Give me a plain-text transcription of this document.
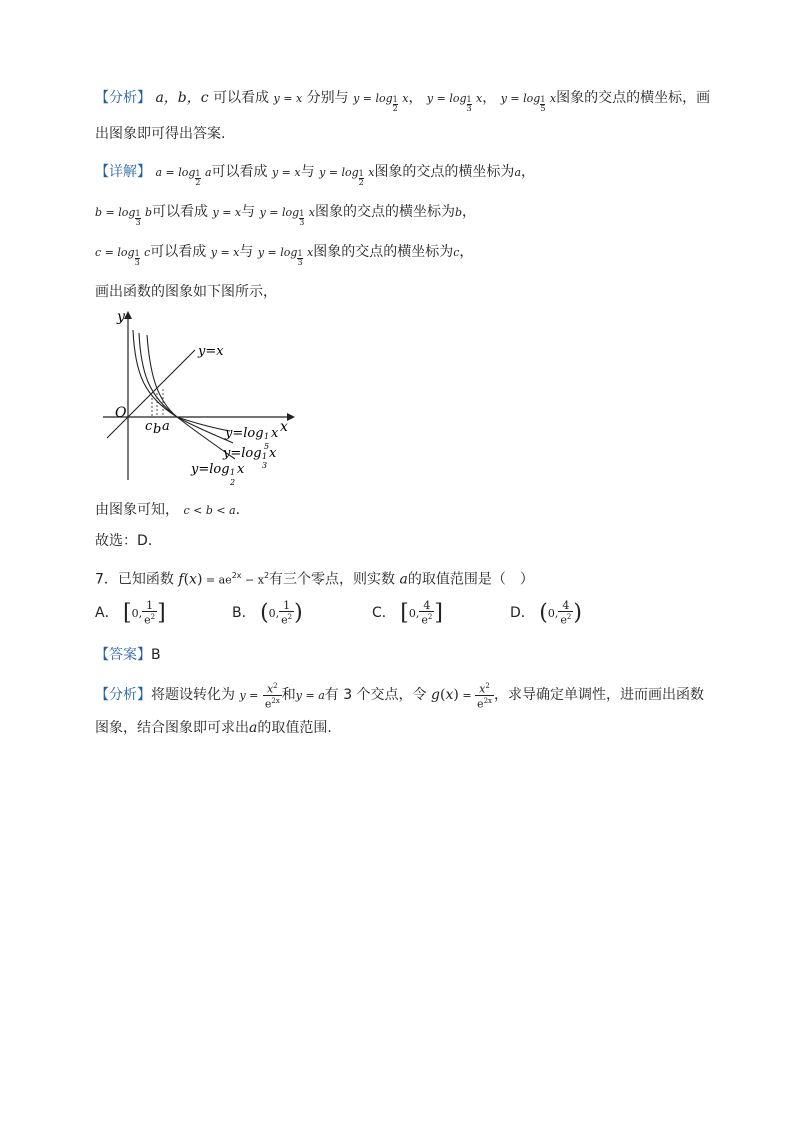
【分析】 a，b，c 可以看成 y = x 分别与 $y = \log \frac{1}{2}$ x， $y = \log \frac{1}{3}$ x， $y = \log \frac{1}{5}$ x图象的交点的横坐标，画
出图象即可得出答案.
【详解】 $a = \log \frac{1}{2}$ a可以看成 y = x与 $y = \log \frac{1}{2}$ x图象的交点的横坐标为a，
$b = \log \frac{1}{3}$ b可以看成 y = x与 $y = \log \frac{1}{3}$ x图象的交点的横坐标为b，
$c = \log \frac{1}{3}$ c可以看成 y = x与 $y = \log \frac{1}{3}$ x图象的交点的横坐标为c，
画出函数的图象如下图所示，
y
x
O
y=x
c b a	y=log 1
5
x
y=log 1
3
x
y=log 1
2
x
由图象可知， c < b < a.
故选：D.
7．已知函数 $f(x) = ae^{2x} - x^2$有三个零点，则实数 a的取值范围是（　）
A． [0, $\frac{1}{e^2}$ ]	B． (0, $\frac{1}{e^2}$ )	C． [0, $\frac{4}{e^2}$ ]	D． (0, $\frac{4}{e^2}$ )
【答案】B
【分析】将题设转化为 $y = \frac{x^2}{e^{2x}}$ 和y = a有 3 个交点，令 $g(x) = \frac{x^2}{e^{2x}}$ ，求导确定单调性，进而画出函数
图象，结合图象即可求出a的取值范围.
